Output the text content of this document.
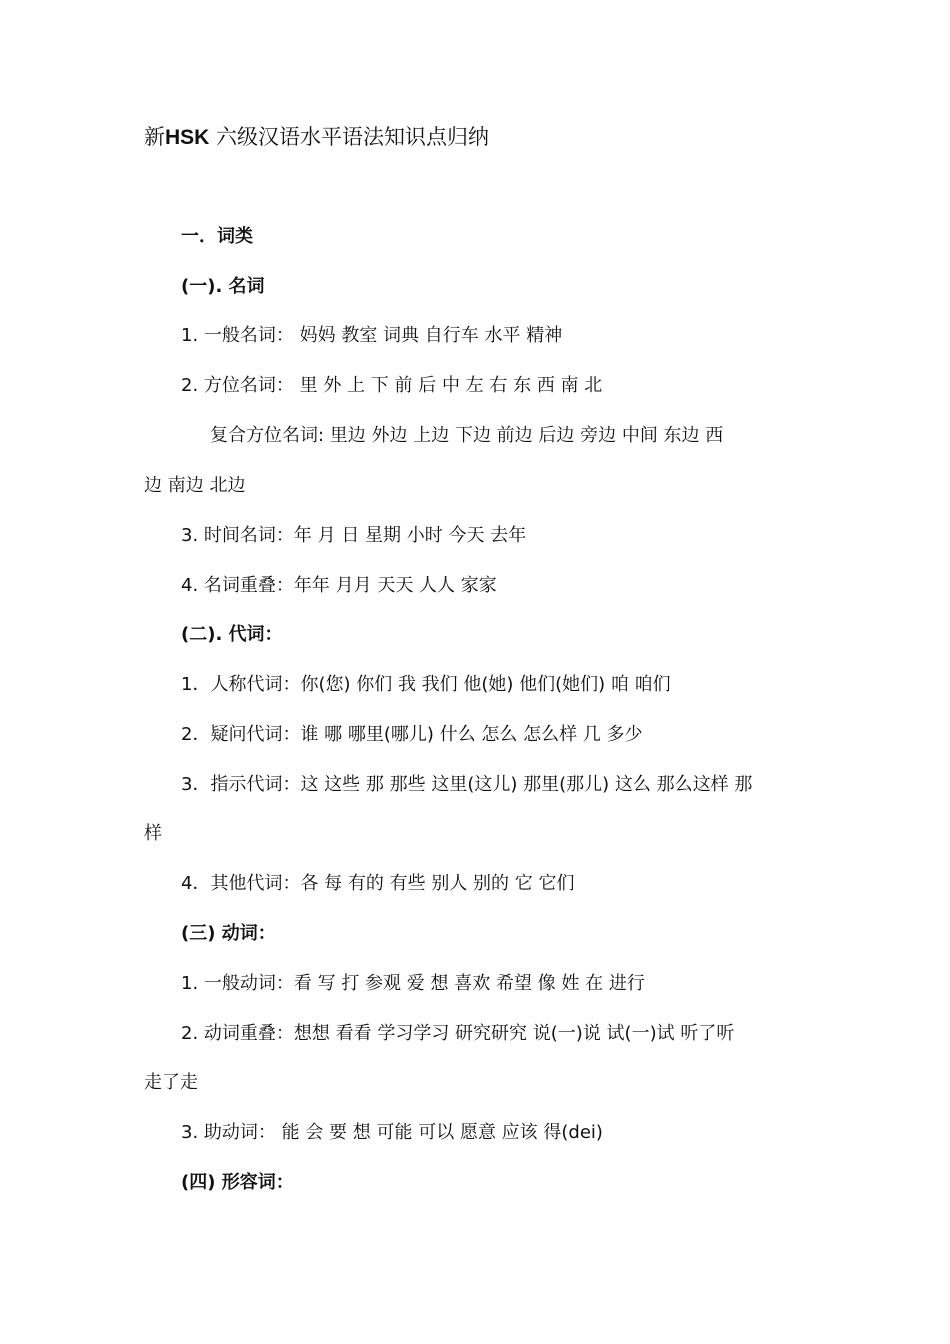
新HSK 六级汉语水平语法知识点归纳
一．词类
(一). 名词
1. 一般名词： 妈妈 教室 词典 自行车 水平 精神
2. 方位名词： 里 外 上 下 前 后 中 左 右 东 西 南 北
复合方位名词: 里边 外边 上边 下边 前边 后边 旁边 中间 东边 西
边 南边 北边
3. 时间名词：年 月 日 星期 小时 今天 去年
4. 名词重叠：年年 月月 天天 人人 家家
(二). 代词：
1．人称代词：你(您) 你们 我 我们 他(她) 他们(她们) 咱 咱们
2．疑问代词：谁 哪 哪里(哪儿) 什么 怎么 怎么样 几 多少
3．指示代词：这 这些 那 那些 这里(这儿) 那里(那儿) 这么 那么这样 那
样
4．其他代词：各 每 有的 有些 别人 别的 它 它们
(三) 动词：
1. 一般动词：看 写 打 参观 爱 想 喜欢 希望 像 姓 在 进行
2. 动词重叠：想想 看看 学习学习 研究研究 说(一)说 试(一)试 听了听
走了走
3. 助动词： 能 会 要 想 可能 可以 愿意 应该 得(dei)
(四) 形容词：
